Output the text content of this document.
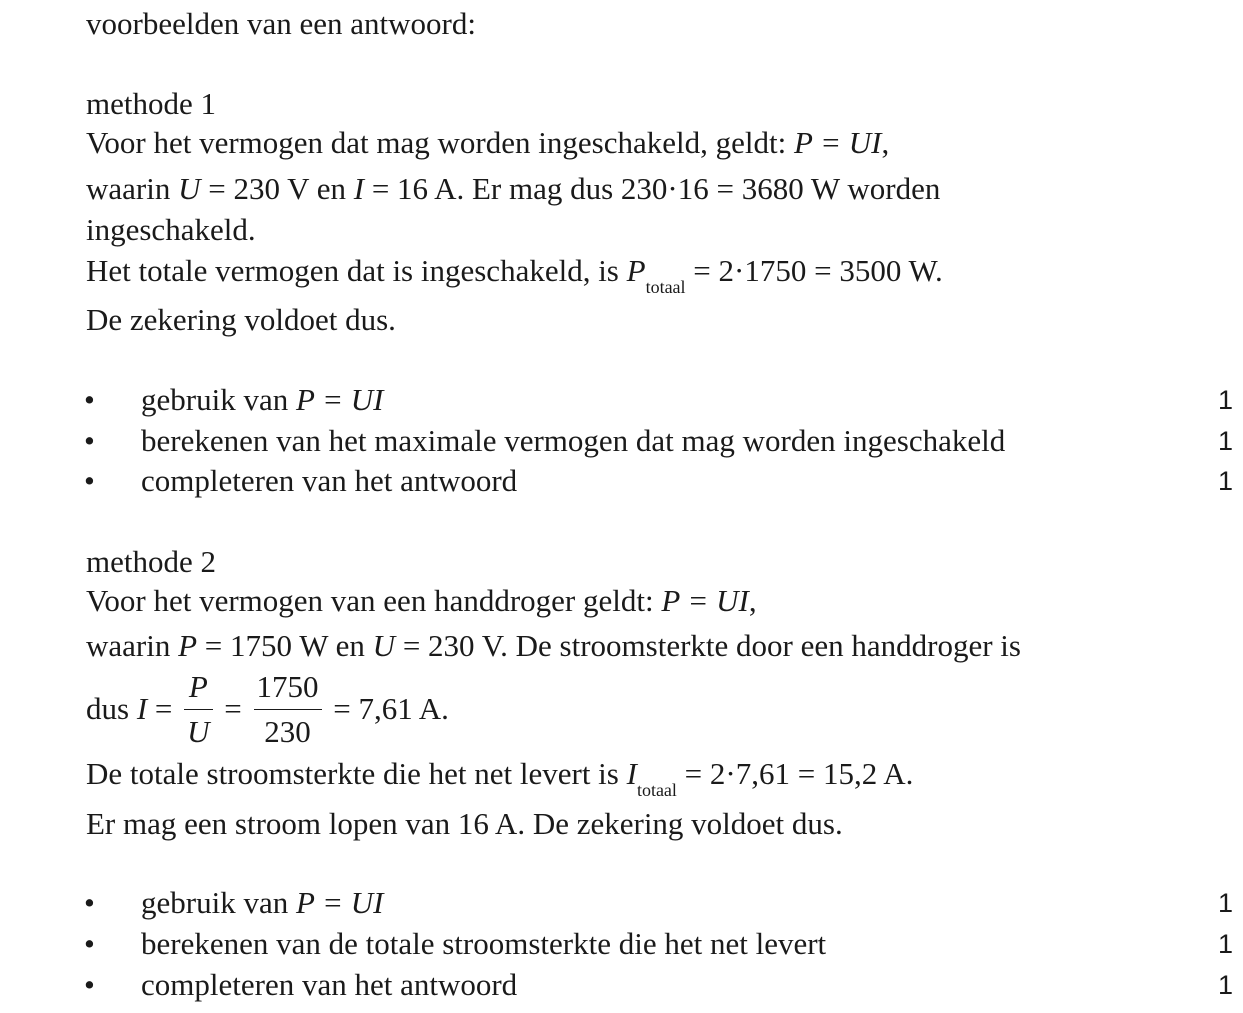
voorbeelden van een antwoord:
methode 1
Voor het vermogen dat mag worden ingeschakeld, geldt: P = UI,
waarin U = 230 V en I = 16 A. Er mag dus 230·16 = 3680 W worden
ingeschakeld.
Het totale vermogen dat is ingeschakeld, is $P_{totaal} = 2\cdot 1750 = 3500$ W.
De zekering voldoet dus.
• gebruik van P = UI	1
• berekenen van het maximale vermogen dat mag worden ingeschakeld	1
• completeren van het antwoord	1
methode 2
Voor het vermogen van een handdroger geldt: P = UI,
waarin P = 1750 W en U = 230 V. De stroomsterkte door een handdroger is
dus $I = \frac{P}{U} = \frac{1750}{230} = 7,61$ A.
De totale stroomsterkte die het net levert is $I_{totaal} = 2\cdot 7,61 = 15,2$ A.
Er mag een stroom lopen van 16 A. De zekering voldoet dus.
• gebruik van P = UI	1
• berekenen van de totale stroomsterkte die het net levert	1
• completeren van het antwoord	1
